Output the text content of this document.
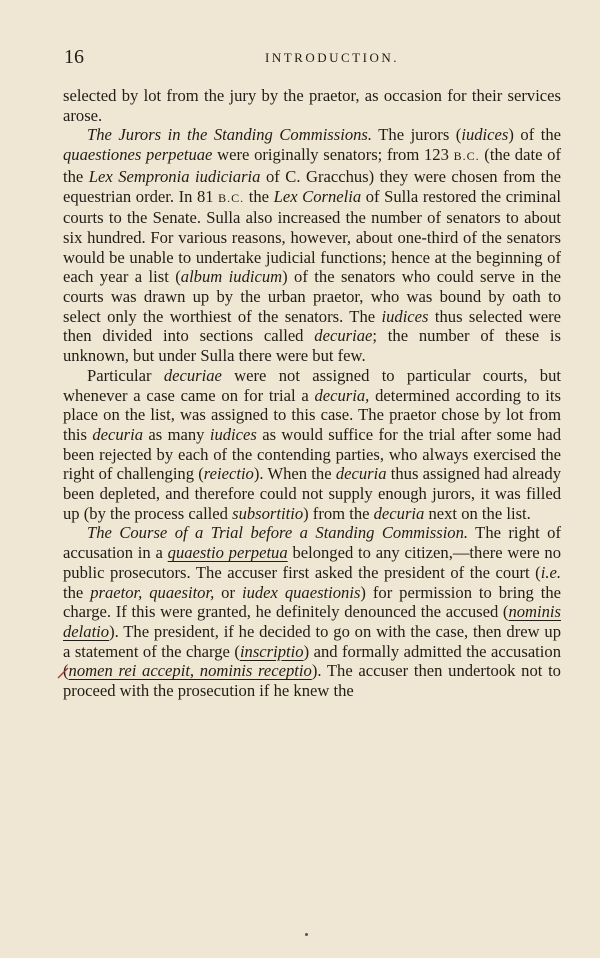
16	INTRODUCTION.

selected by lot from the jury by the praetor, as occasion for their services arose.

The Jurors in the Standing Commissions. The jurors (iudices) of the quaestiones perpetuae were originally senators; from 123 B.C. (the date of the Lex Sempronia iudiciaria of C. Gracchus) they were chosen from the equestrian order. In 81 B.C. the Lex Cornelia of Sulla restored the criminal courts to the Senate. Sulla also increased the number of senators to about six hundred. For various reasons, however, about one-third of the senators would be unable to undertake judicial functions; hence at the beginning of each year a list (album iudicum) of the senators who could serve in the courts was drawn up by the urban praetor, who was bound by oath to select only the worthiest of the senators. The iudices thus selected were then divided into sections called decuriae; the number of these is unknown, but under Sulla there were but few.

Particular decuriae were not assigned to particular courts, but whenever a case came on for trial a decuria, determined according to its place on the list, was assigned to this case. The praetor chose by lot from this decuria as many iudices as would suffice for the trial after some had been rejected by each of the contending parties, who always exercised the right of challenging (reiectio). When the decuria thus assigned had already been depleted, and therefore could not supply enough jurors, it was filled up (by the process called subsortitio) from the decuria next on the list.

The Course of a Trial before a Standing Commission. The right of accusation in a quaestio perpetua belonged to any citizen,—there were no public prosecutors. The accuser first asked the president of the court (i.e. the praetor, quaesitor, or iudex quaestionis) for permission to bring the charge. If this were granted, he definitely denounced the accused (nominis delatio). The president, if he decided to go on with the case, then drew up a statement of the charge (inscriptio) and formally admitted the accusation (nomen rei accepit, nominis receptio). The accuser then undertook not to proceed with the prosecution if he knew the
